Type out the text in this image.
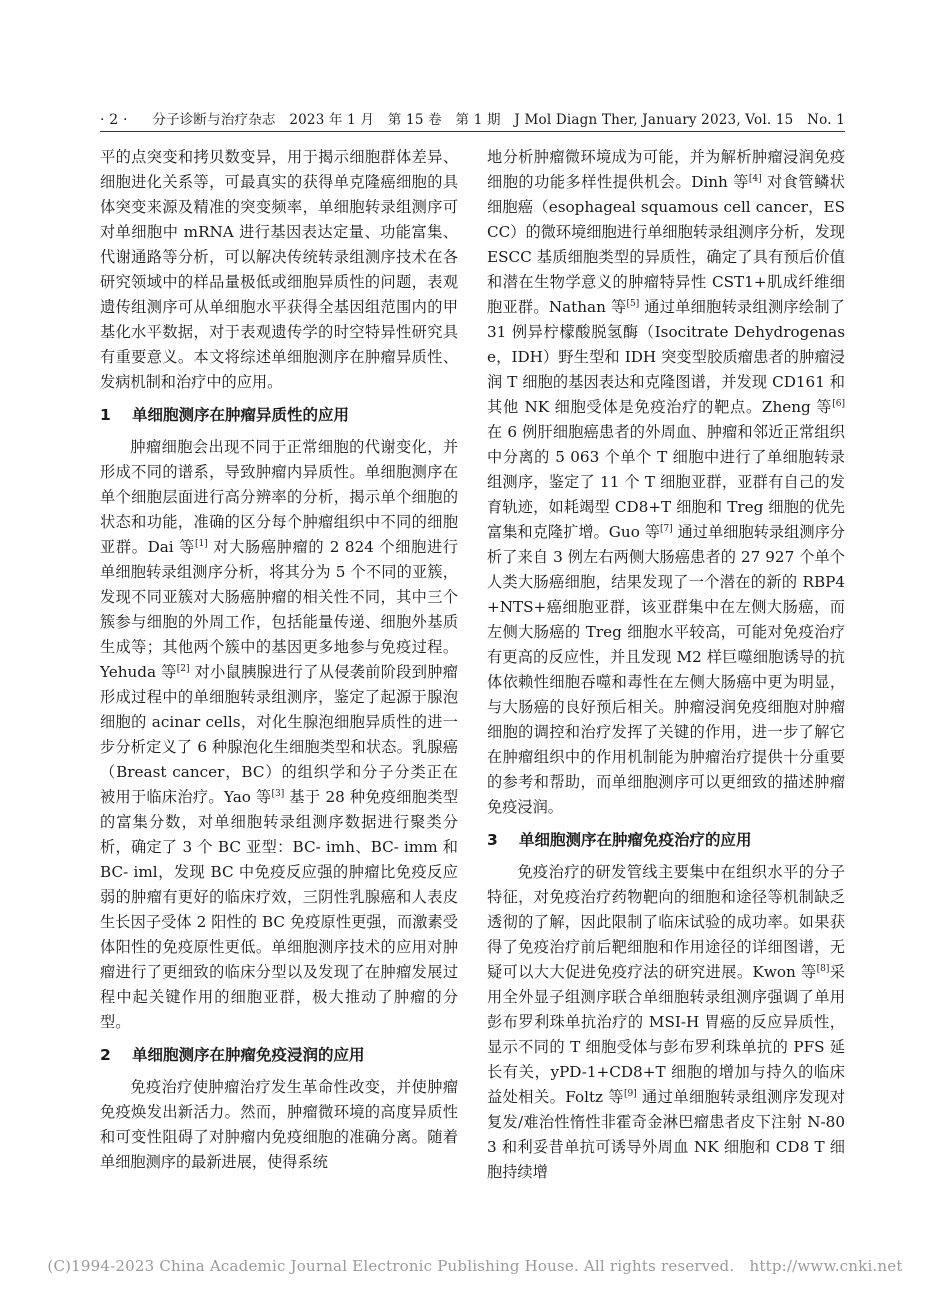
· 2 · 分子诊断与治疗杂志　2023 年 1 月　第 15 卷　第 1 期　J Mol Diagn Ther, January 2023, Vol. 15　No. 1

平的点突变和拷贝数变异，用于揭示细胞群体差异、细胞进化关系等，可最真实的获得单克隆癌细胞的具体突变来源及精准的突变频率，单细胞转录组测序可对单细胞中 mRNA 进行基因表达定量、功能富集、代谢通路等分析，可以解决传统转录组测序技术在各研究领域中的样品量极低或细胞异质性的问题，表观遗传组测序可从单细胞水平获得全基因组范围内的甲基化水平数据，对于表观遗传学的时空特异性研究具有重要意义。本文将综述单细胞测序在肿瘤异质性、发病机制和治疗中的应用。

1	单细胞测序在肿瘤异质性的应用

肿瘤细胞会出现不同于正常细胞的代谢变化，并形成不同的谱系，导致肿瘤内异质性。单细胞测序在单个细胞层面进行高分辨率的分析，揭示单个细胞的状态和功能，准确的区分每个肿瘤组织中不同的细胞亚群。Dai 等[1] 对大肠癌肿瘤的 2 824 个细胞进行单细胞转录组测序分析，将其分为 5 个不同的亚簇，发现不同亚簇对大肠癌肿瘤的相关性不同，其中三个簇参与细胞的外周工作，包括能量传递、细胞外基质生成等；其他两个簇中的基因更多地参与免疫过程。Yehuda 等[2] 对小鼠胰腺进行了从侵袭前阶段到肿瘤形成过程中的单细胞转录组测序，鉴定了起源于腺泡细胞的 acinar cells，对化生腺泡细胞异质性的进一步分析定义了 6 种腺泡化生细胞类型和状态。乳腺癌（Breast cancer，BC）的组织学和分子分类正在被用于临床治疗。Yao 等[3] 基于 28 种免疫细胞类型的富集分数，对单细胞转录组测序数据进行聚类分析，确定了 3 个 BC 亚型：BC- imh、BC- imm 和 BC- iml，发现 BC 中免疫反应强的肿瘤比免疫反应弱的肿瘤有更好的临床疗效，三阴性乳腺癌和人表皮生长因子受体 2 阳性的 BC 免疫原性更强，而激素受体阳性的免疫原性更低。单细胞测序技术的应用对肿瘤进行了更细致的临床分型以及发现了在肿瘤发展过程中起关键作用的细胞亚群，极大推动了肿瘤的分型。

2	单细胞测序在肿瘤免疫浸润的应用

免疫治疗使肿瘤治疗发生革命性改变，并使肿瘤免疫焕发出新活力。然而，肿瘤微环境的高度异质性和可变性阻碍了对肿瘤内免疫细胞的准确分离。随着单细胞测序的最新进展，使得系统

地分析肿瘤微环境成为可能，并为解析肿瘤浸润免疫细胞的功能多样性提供机会。Dinh 等[4] 对食管鳞状细胞癌（esophageal squamous cell cancer，ESCC）的微环境细胞进行单细胞转录组测序分析，发现 ESCC 基质细胞类型的异质性，确定了具有预后价值和潜在生物学意义的肿瘤特异性 CST1+肌成纤维细胞亚群。Nathan 等[5] 通过单细胞转录组测序绘制了 31 例异柠檬酸脱氢酶（Isocitrate Dehydrogenase，IDH）野生型和 IDH 突变型胶质瘤患者的肿瘤浸润 T 细胞的基因表达和克隆图谱，并发现 CD161 和其他 NK 细胞受体是免疫治疗的靶点。Zheng 等[6]在 6 例肝细胞癌患者的外周血、肿瘤和邻近正常组织中分离的 5 063 个单个 T 细胞中进行了单细胞转录组测序，鉴定了 11 个 T 细胞亚群，亚群有自己的发育轨迹，如耗竭型 CD8+T 细胞和 Treg 细胞的优先富集和克隆扩增。Guo 等[7] 通过单细胞转录组测序分析了来自 3 例左右两侧大肠癌患者的 27 927 个单个人类大肠癌细胞，结果发现了一个潜在的新的 RBP4+NTS+癌细胞亚群，该亚群集中在左侧大肠癌，而左侧大肠癌的 Treg 细胞水平较高，可能对免疫治疗有更高的反应性，并且发现 M2 样巨噬细胞诱导的抗体依赖性细胞吞噬和毒性在左侧大肠癌中更为明显，与大肠癌的良好预后相关。肿瘤浸润免疫细胞对肿瘤细胞的调控和治疗发挥了关键的作用，进一步了解它在肿瘤组织中的作用机制能为肿瘤治疗提供十分重要的参考和帮助，而单细胞测序可以更细致的描述肿瘤免疫浸润。

3	单细胞测序在肿瘤免疫治疗的应用

免疫治疗的研发管线主要集中在组织水平的分子特征，对免疫治疗药物靶向的细胞和途径等机制缺乏透彻的了解，因此限制了临床试验的成功率。如果获得了免疫治疗前后靶细胞和作用途径的详细图谱，无疑可以大大促进免疫疗法的研究进展。Kwon 等[8]采用全外显子组测序联合单细胞转录组测序强调了单用彭布罗利珠单抗治疗的 MSI-H 胃癌的反应异质性，显示不同的 T 细胞受体与彭布罗利珠单抗的 PFS 延长有关，yPD-1+CD8+T 细胞的增加与持久的临床益处相关。Foltz 等[9] 通过单细胞转录组测序发现对复发/难治性惰性非霍奇金淋巴瘤患者皮下注射 N-803 和利妥昔单抗可诱导外周血 NK 细胞和 CD8 T 细胞持续增

(C)1994-2023 China Academic Journal Electronic Publishing House. All rights reserved.　http://www.cnki.net
